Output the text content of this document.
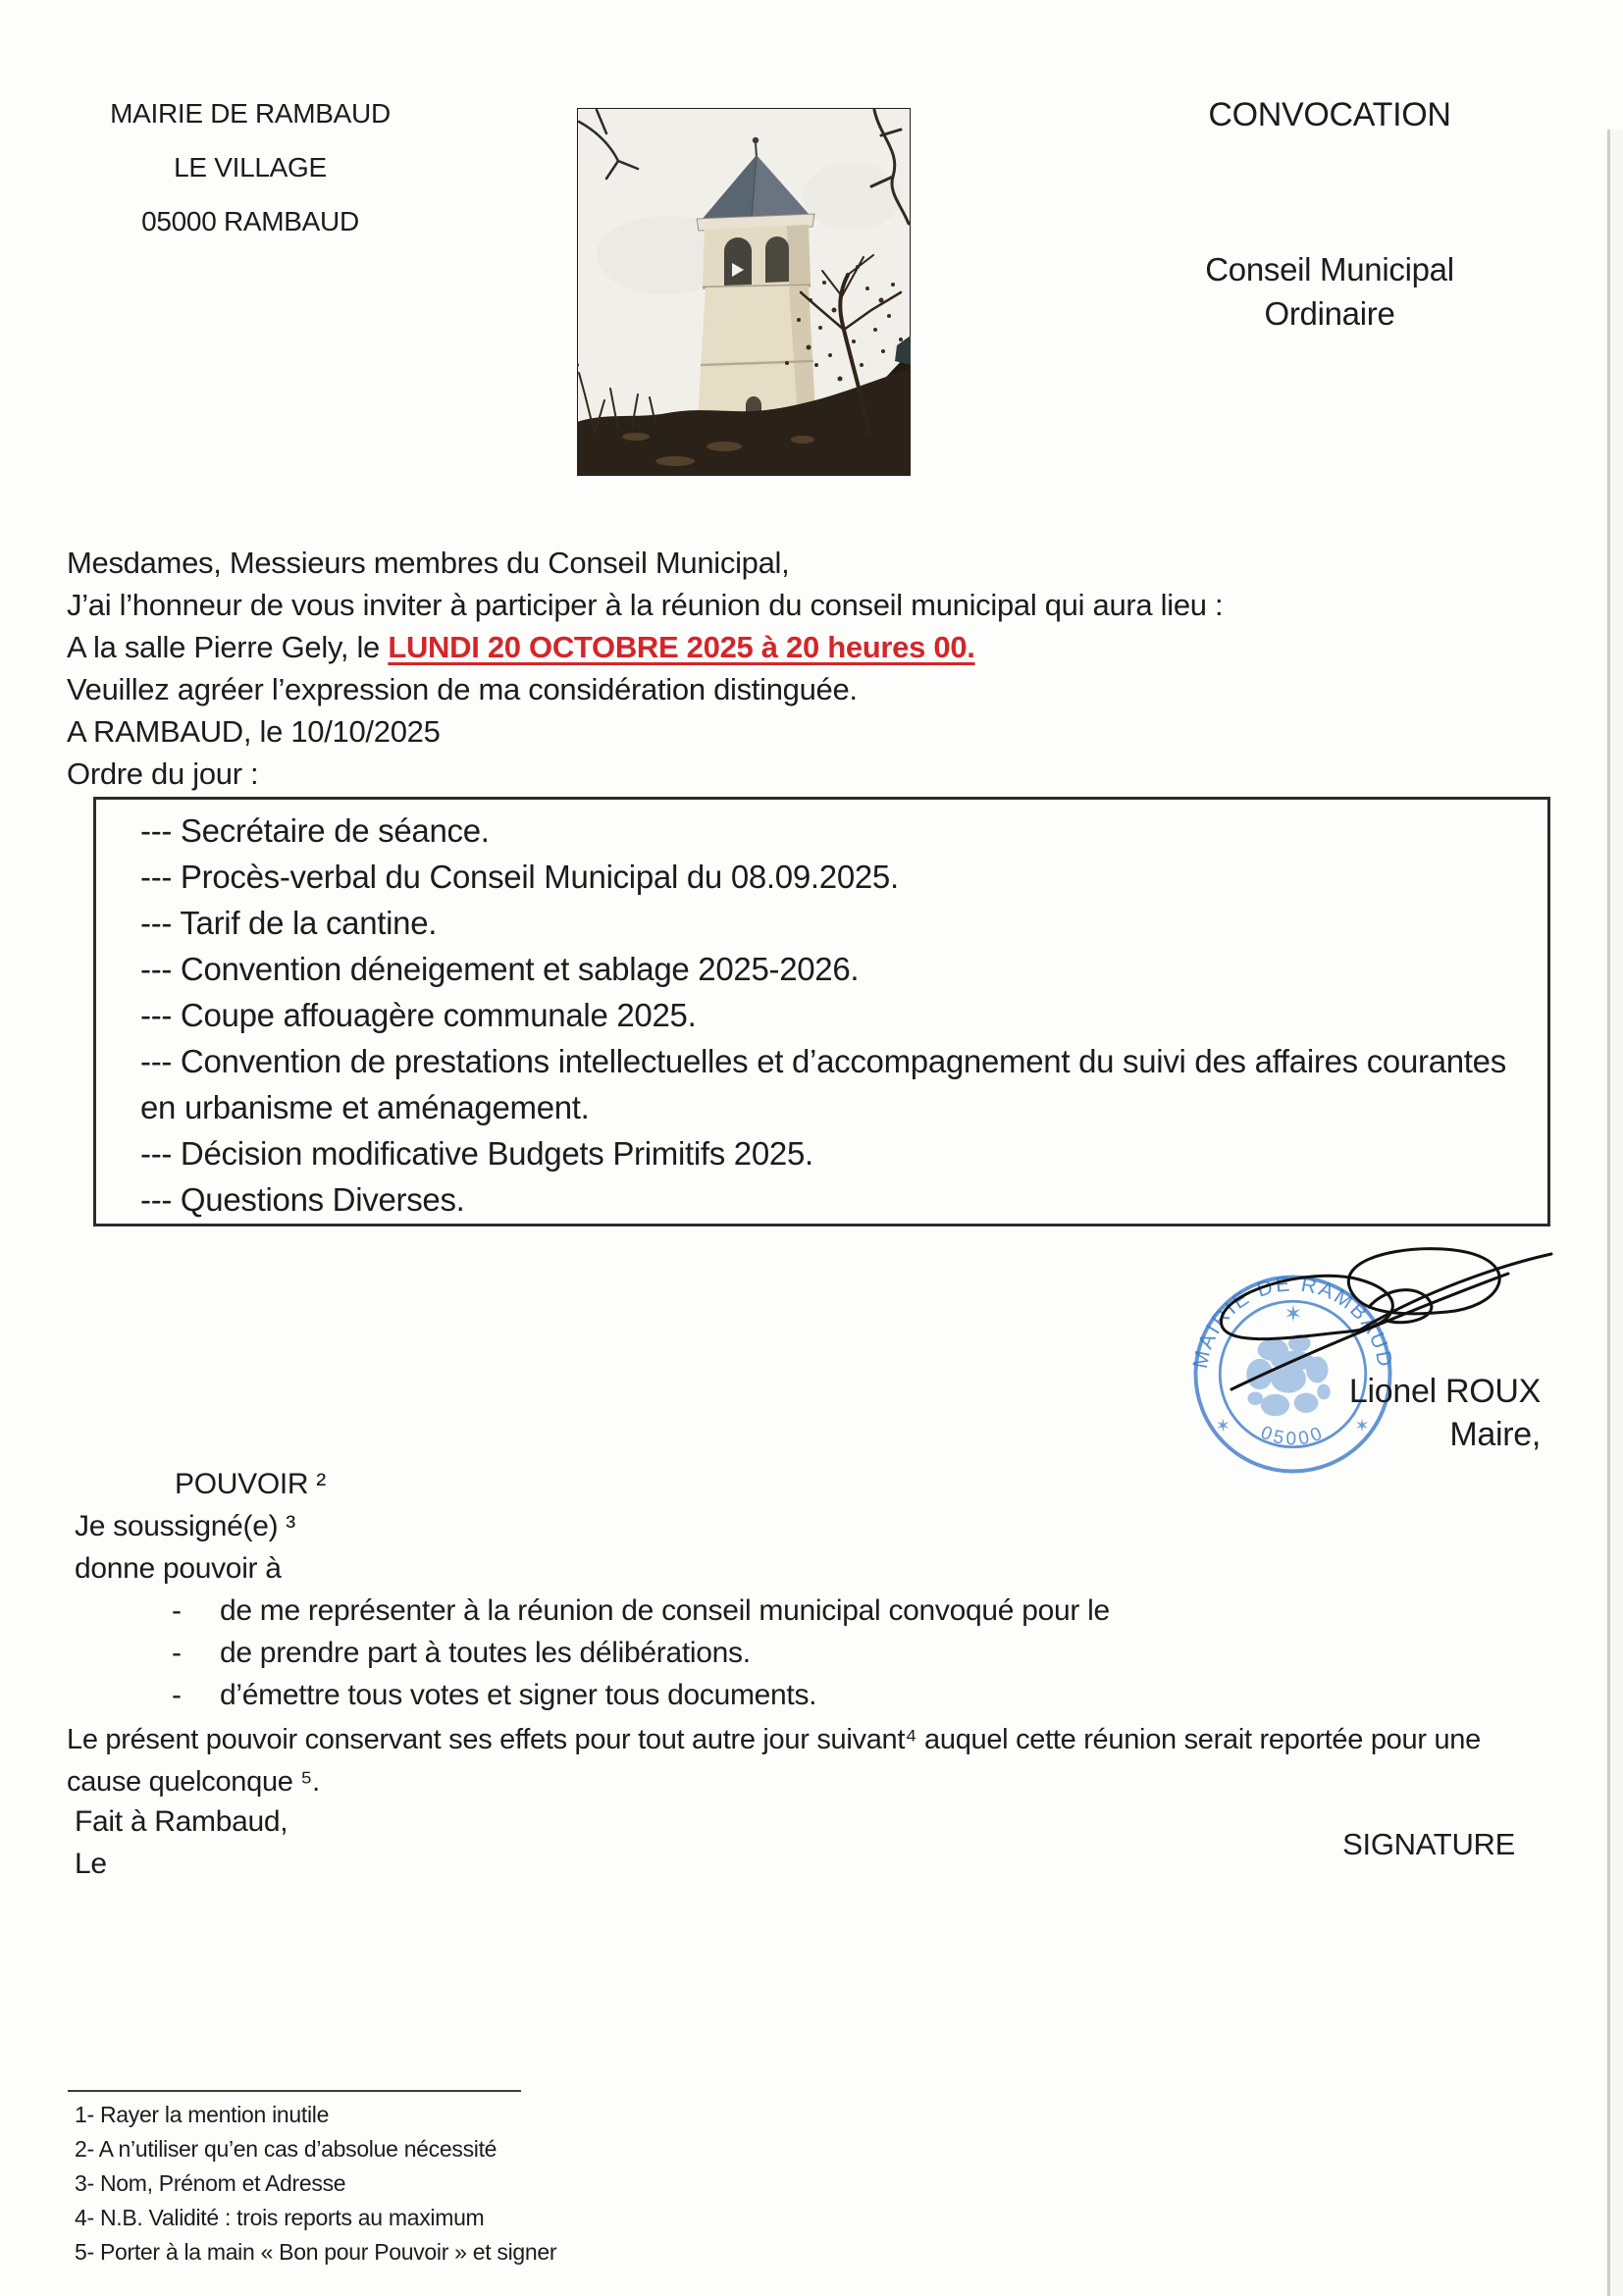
MAIRIE DE RAMBAUD
LE VILLAGE
05000 RAMBAUD
CONVOCATION
Conseil Municipal
Ordinaire
Mesdames, Messieurs membres du Conseil Municipal,
J’ai l’honneur de vous inviter à participer à la réunion du conseil municipal qui aura lieu :
A la salle Pierre Gely, le LUNDI 20 OCTOBRE 2025 à 20 heures 00.
Veuillez agréer l’expression de ma considération distinguée.
A RAMBAUD, le 10/10/2025
Ordre du jour :
--- Secrétaire de séance.
--- Procès-verbal du Conseil Municipal du 08.09.2025.
--- Tarif de la cantine.
--- Convention déneigement et sablage 2025-2026.
--- Coupe affouagère communale 2025.
--- Convention de prestations intellectuelles et d’accompagnement du suivi des affaires courantes en urbanisme et aménagement.
--- Décision modificative Budgets Primitifs 2025.
--- Questions Diverses.
MAIRIE DE RAMBAUD
05000
✶	✶
✶
Lionel ROUX
Maire,
POUVOIR ²
Je soussigné(e) ³
donne pouvoir à
- de me représenter à la réunion de conseil municipal convoqué pour le
- de prendre part à toutes les délibérations.
- d’émettre tous votes et signer tous documents.
Le présent pouvoir conservant ses effets pour tout autre jour suivant⁴ auquel cette réunion serait reportée pour une cause quelconque ⁵.
Fait à Rambaud,
Le
SIGNATURE
1- Rayer la mention inutile
2- A n’utiliser qu’en cas d’absolue nécessité
3- Nom, Prénom et Adresse
4- N.B. Validité : trois reports au maximum
5- Porter à la main « Bon pour Pouvoir » et signer
